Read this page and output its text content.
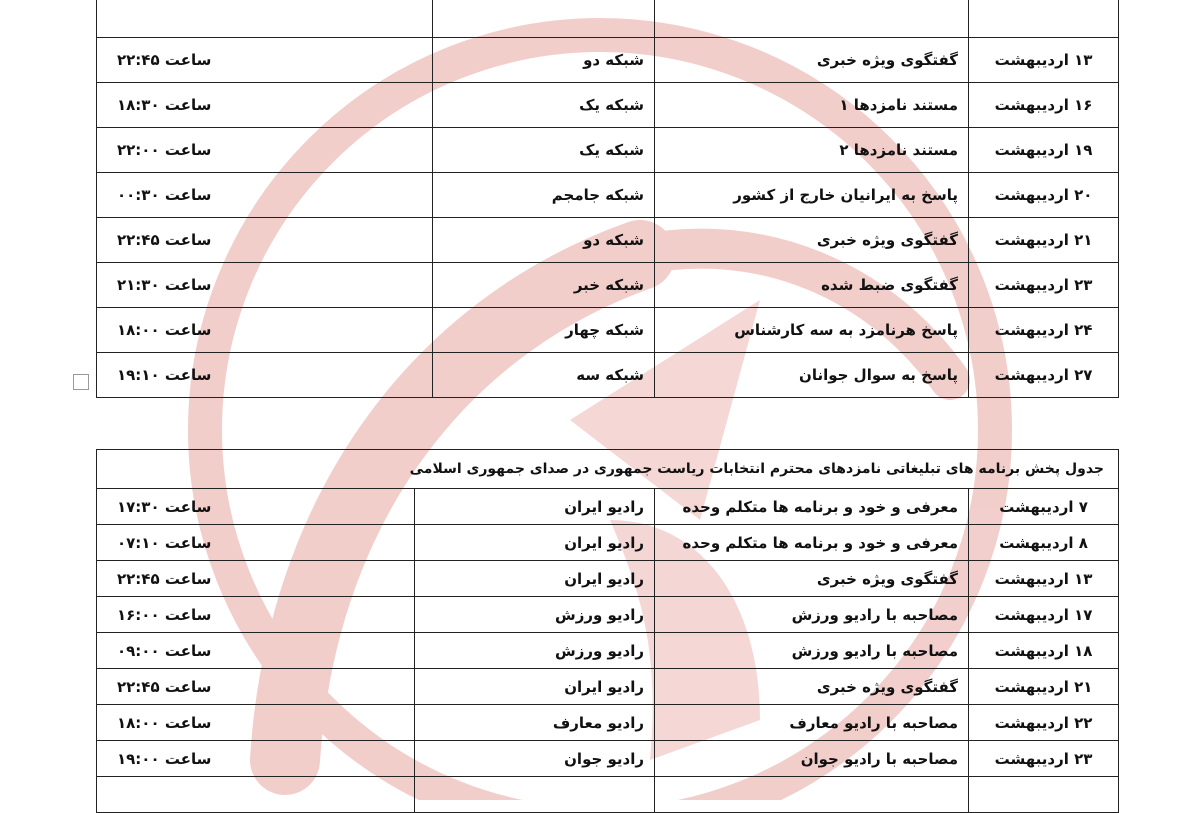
۱۳ اردیبهشت	گفتگوی ویژه خبری	شبکه دو	ساعت ۲۲:۴۵
۱۶ اردیبهشت	مستند نامزدها ۱	شبکه یک	ساعت ۱۸:۳۰
۱۹ اردیبهشت	مستند نامزدها ۲	شبکه یک	ساعت ۲۲:۰۰
۲۰ اردیبهشت	پاسخ به ایرانیان خارج از کشور	شبکه جامجم	ساعت ۰۰:۳۰
۲۱ اردیبهشت	گفتگوی ویژه خبری	شبکه دو	ساعت ۲۲:۴۵
۲۳ اردیبهشت	گفتگوی ضبط شده	شبکه خبر	ساعت ۲۱:۳۰
۲۴ اردیبهشت	پاسخ هرنامزد به سه کارشناس	شبکه چهار	ساعت ۱۸:۰۰
۲۷ اردیبهشت	پاسخ به سوال جوانان	شبکه سه	ساعت ۱۹:۱۰
جدول پخش برنامه های تبلیغاتی نامزدهای محترم انتخابات ریاست جمهوری در صدای جمهوری اسلامی			
۷ اردیبهشت	معرفی و خود و برنامه ها متکلم وحده	رادیو ایران	ساعت ۱۷:۳۰
۸ اردیبهشت	معرفی و خود و برنامه ها متکلم وحده	رادیو ایران	ساعت ۰۷:۱۰
۱۳ اردیبهشت	گفتگوی ویژه خبری	رادیو ایران	ساعت ۲۲:۴۵
۱۷ اردیبهشت	مصاحبه با رادیو ورزش	رادیو ورزش	ساعت ۱۶:۰۰
۱۸ اردیبهشت	مصاحبه با رادیو ورزش	رادیو ورزش	ساعت ۰۹:۰۰
۲۱ اردیبهشت	گفتگوی ویژه خبری	رادیو ایران	ساعت ۲۲:۴۵
۲۲ اردیبهشت	مصاحبه با رادیو معارف	رادیو معارف	ساعت ۱۸:۰۰
۲۳ اردیبهشت	مصاحبه با رادیو جوان	رادیو جوان	ساعت ۱۹:۰۰
